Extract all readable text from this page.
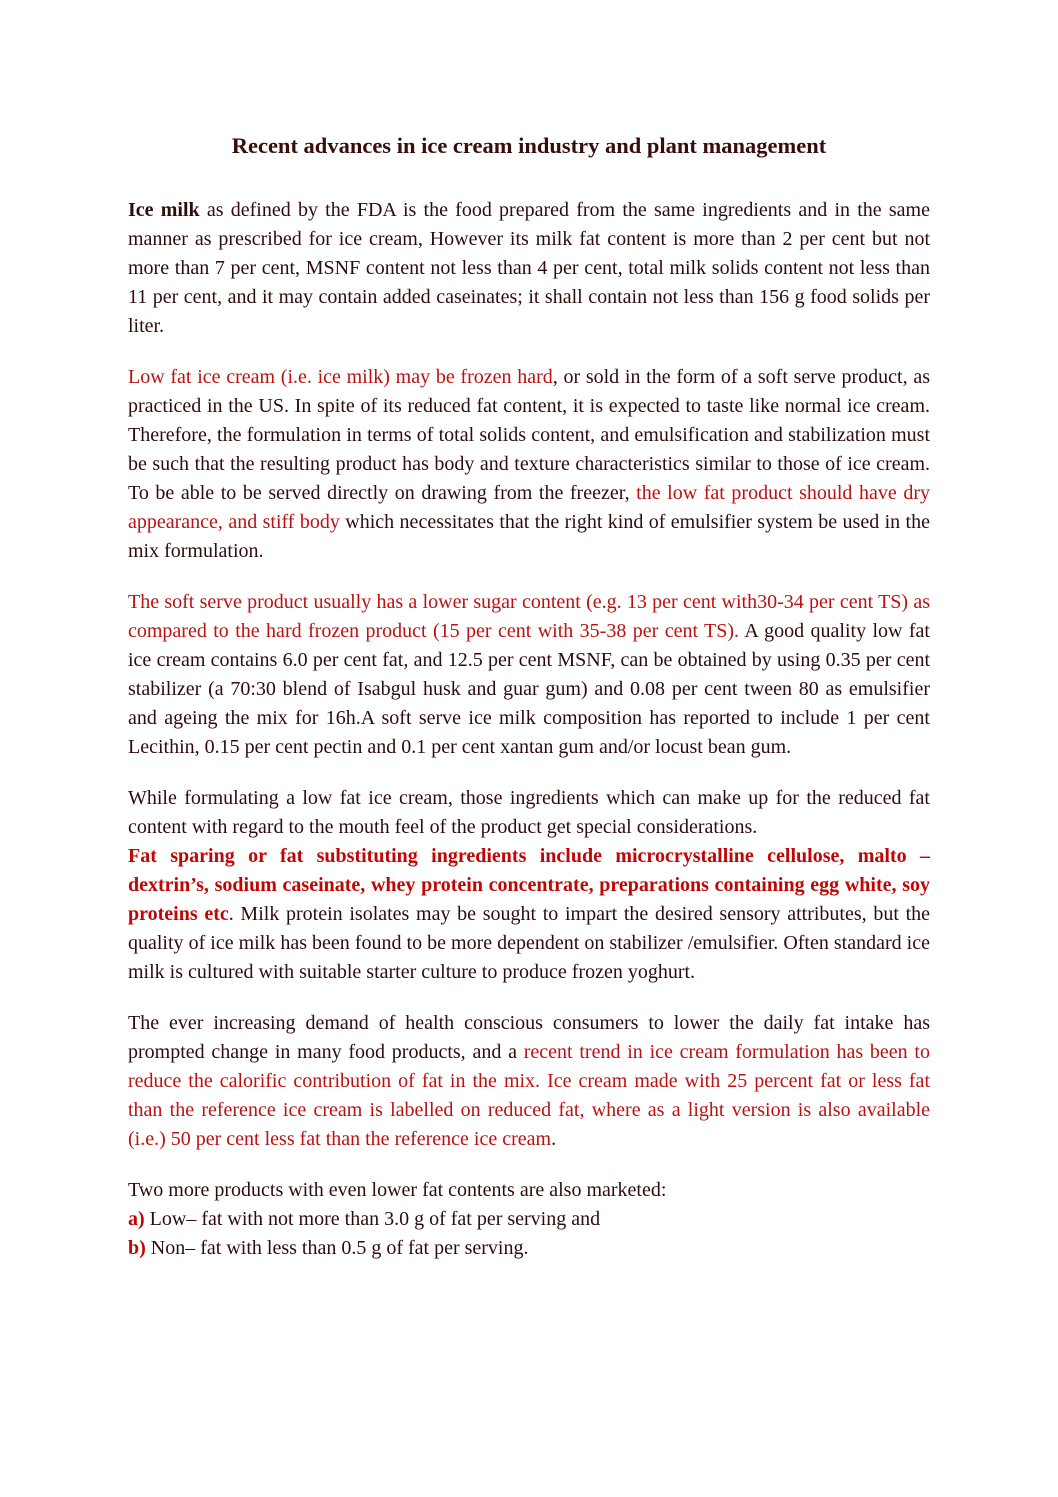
Recent advances in ice cream industry and plant management

Ice milk as defined by the FDA is the food prepared from the same ingredients and in the same manner as prescribed for ice cream, However its milk fat content is more than 2 per cent but not more than 7 per cent, MSNF content not less than 4 per cent, total milk solids content not less than 11 per cent, and it may contain added caseinates; it shall contain not less than 156 g food solids per liter.

Low fat ice cream (i.e. ice milk) may be frozen hard, or sold in the form of a soft serve product, as practiced in the US. In spite of its reduced fat content, it is expected to taste like normal ice cream. Therefore, the formulation in terms of total solids content, and emulsification and stabilization must be such that the resulting product has body and texture characteristics similar to those of ice cream. To be able to be served directly on drawing from the freezer, the low fat product should have dry appearance, and stiff body which necessitates that the right kind of emulsifier system be used in the mix formulation.

The soft serve product usually has a lower sugar content (e.g. 13 per cent with30-34 per cent TS) as compared to the hard frozen product (15 per cent with 35-38 per cent TS). A good quality low fat ice cream contains 6.0 per cent fat, and 12.5 per cent MSNF, can be obtained by using 0.35 per cent stabilizer (a 70:30 blend of Isabgul husk and guar gum) and 0.08 per cent tween 80 as emulsifier and ageing the mix for 16h.A soft serve ice milk composition has reported to include 1 per cent Lecithin, 0.15 per cent pectin and 0.1 per cent xantan gum and/or locust bean gum.

While formulating a low fat ice cream, those ingredients which can make up for the reduced fat content with regard to the mouth feel of the product get special considerations.

Fat sparing or fat substituting ingredients include microcrystalline cellulose, malto – dextrin’s, sodium caseinate, whey protein concentrate, preparations containing egg white, soy proteins etc. Milk protein isolates may be sought to impart the desired sensory attributes, but the quality of ice milk has been found to be more dependent on stabilizer /emulsifier. Often standard ice milk is cultured with suitable starter culture to produce frozen yoghurt.

The ever increasing demand of health conscious consumers to lower the daily fat intake has prompted change in many food products, and a recent trend in ice cream formulation has been to reduce the calorific contribution of fat in the mix. Ice cream made with 25 percent fat or less fat than the reference ice cream is labelled on reduced fat, where as a light version is also available (i.e.) 50 per cent less fat than the reference ice cream.

Two more products with even lower fat contents are also marketed:

a) Low– fat with not more than 3.0 g of fat per serving and

b) Non– fat with less than 0.5 g of fat per serving.
